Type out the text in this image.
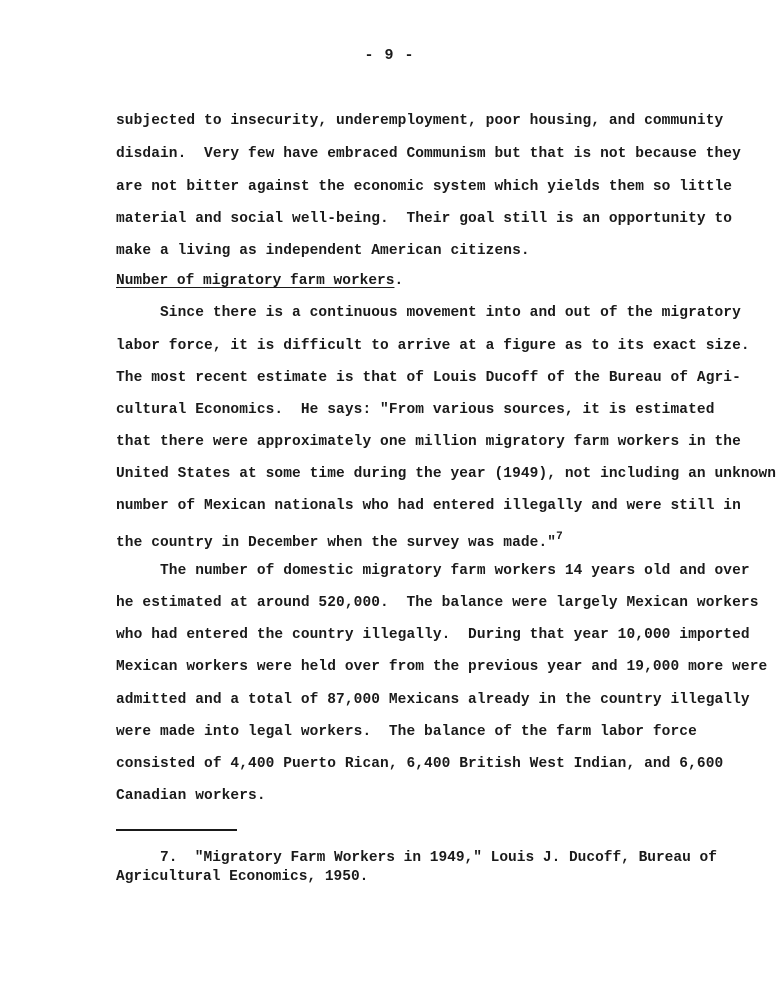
- 9 -
subjected to insecurity, underemployment, poor housing, and community
disdain.  Very few have embraced Communism but that is not because they
are not bitter against the economic system which yields them so little
material and social well-being.  Their goal still is an opportunity to
make a living as independent American citizens.
Number of migratory farm workers.
Since there is a continuous movement into and out of the migratory
labor force, it is difficult to arrive at a figure as to its exact size.
The most recent estimate is that of Louis Ducoff of the Bureau of Agri-
cultural Economics.  He says: "From various sources, it is estimated
that there were approximately one million migratory farm workers in the
United States at some time during the year (1949), not including an unknown
number of Mexican nationals who had entered illegally and were still in
the country in December when the survey was made."$^7$
The number of domestic migratory farm workers 14 years old and over
he estimated at around 520,000.  The balance were largely Mexican workers
who had entered the country illegally.  During that year 10,000 imported
Mexican workers were held over from the previous year and 19,000 more were
admitted and a total of 87,000 Mexicans already in the country illegally
were made into legal workers.  The balance of the farm labor force
consisted of 4,400 Puerto Rican, 6,400 British West Indian, and 6,600
Canadian workers.
7.  "Migratory Farm Workers in 1949," Louis J. Ducoff, Bureau of
Agricultural Economics, 1950.
